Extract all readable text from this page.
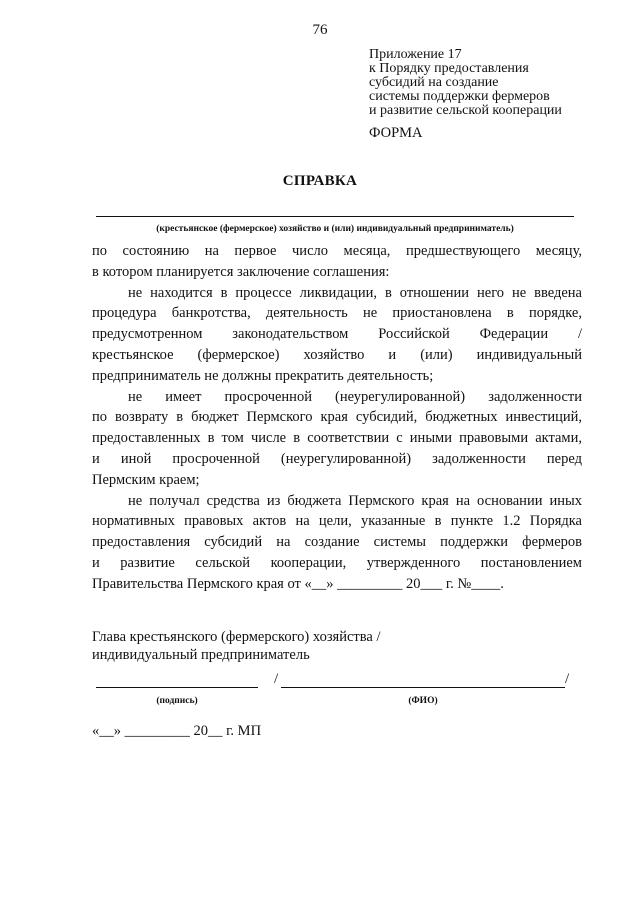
76
Приложение 17
к Порядку предоставления
субсидий на создание
системы поддержки фермеров
и развитие сельской кооперации
ФОРМА
СПРАВКА
(крестьянское (фермерское) хозяйство и (или) индивидуальный предприниматель)
по состоянию на первое число месяца, предшествующего месяцу,
в котором планируется заключение соглашения:
не находится в процессе ликвидации, в отношении него не введена
процедура банкротства, деятельность не приостановлена в порядке,
предусмотренном законодательством Российской Федерации /
крестьянское (фермерское) хозяйство и (или) индивидуальный
предприниматель не должны прекратить деятельность;
не имеет просроченной (неурегулированной) задолженности
по возврату в бюджет Пермского края субсидий, бюджетных инвестиций,
предоставленных в том числе в соответствии с иными правовыми актами,
и иной просроченной (неурегулированной) задолженности перед
Пермским краем;
не получал средства из бюджета Пермского края на основании иных
нормативных правовых актов на цели, указанные в пункте 1.2 Порядка
предоставления субсидий на создание системы поддержки фермеров
и развитие сельской кооперации, утвержденного постановлением
Правительства Пермского края от «__» _________ 20___ г. №____.
Глава крестьянского (фермерского) хозяйства /
индивидуальный предприниматель
/	/
(подпись)	(ФИО)
«__» _________ 20__ г. МП
